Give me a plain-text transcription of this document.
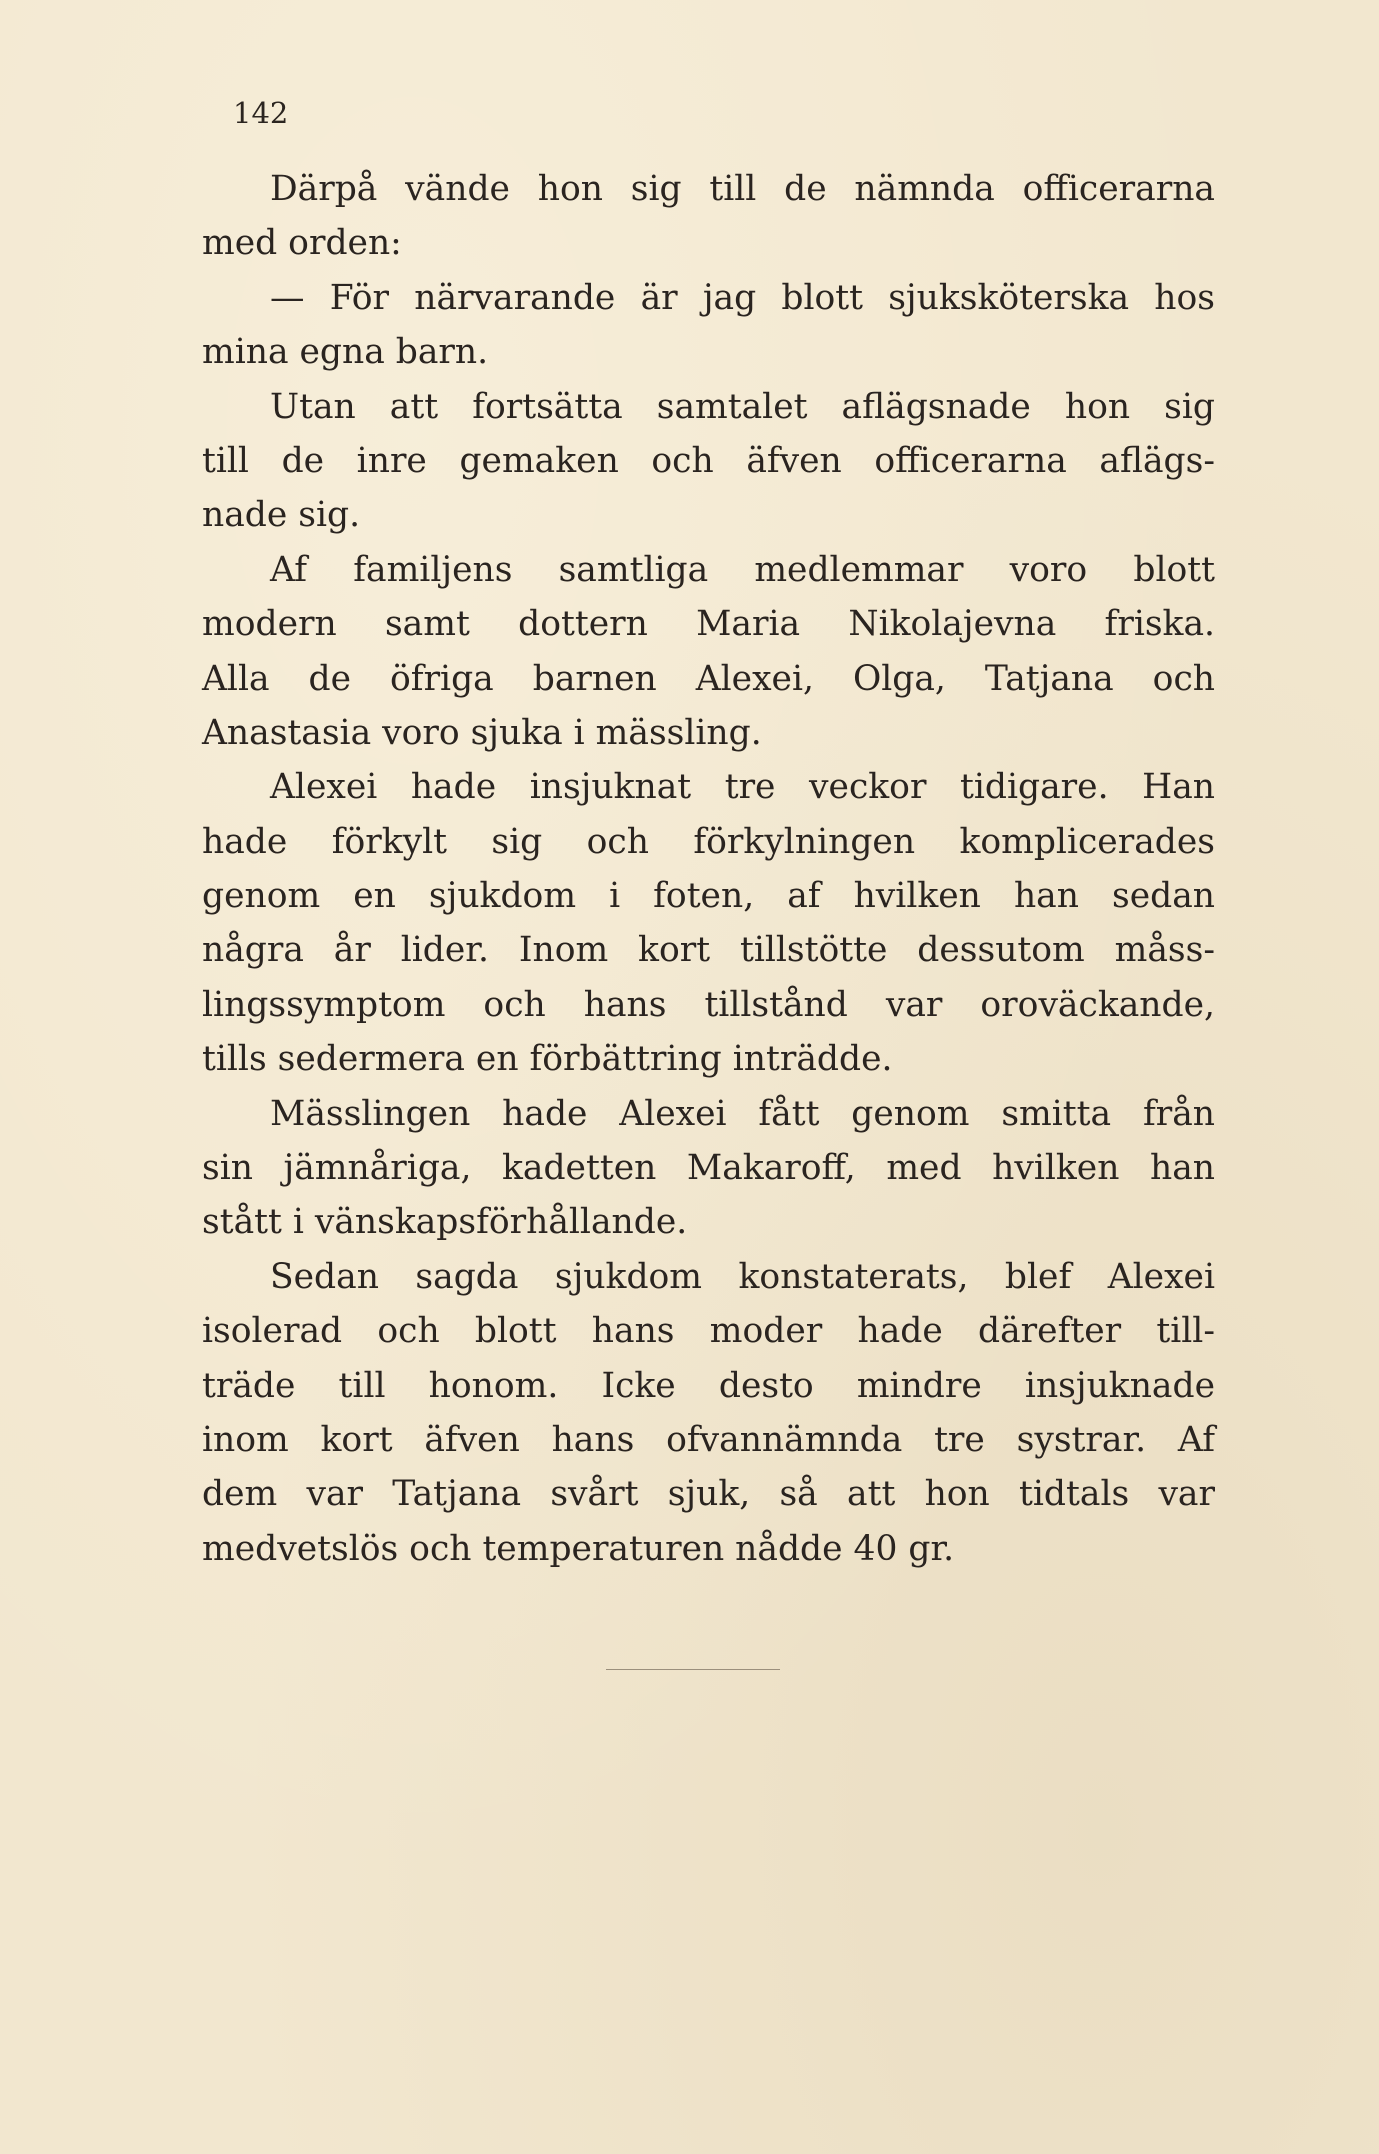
142
Därpå vände hon sig till de nämnda officerarna
med orden:
— För närvarande är jag blott sjuksköterska hos
mina egna barn.
Utan att fortsätta samtalet aflägsnade hon sig
till de inre gemaken och äfven officerarna aflägs-
nade sig.
Af familjens samtliga medlemmar voro blott
modern samt dottern Maria Nikolajevna friska.
Alla de öfriga barnen Alexei, Olga, Tatjana och
Anastasia voro sjuka i mässling.
Alexei hade insjuknat tre veckor tidigare. Han
hade förkylt sig och förkylningen komplicerades
genom en sjukdom i foten, af hvilken han sedan
några år lider. Inom kort tillstötte dessutom måss-
lingssymptom och hans tillstånd var oroväckande,
tills sedermera en förbättring inträdde.
Mässlingen hade Alexei fått genom smitta från
sin jämnåriga, kadetten Makaroff, med hvilken han
stått i vänskapsförhållande.
Sedan sagda sjukdom konstaterats, blef Alexei
isolerad och blott hans moder hade därefter till-
träde till honom. Icke desto mindre insjuknade
inom kort äfven hans ofvannämnda tre systrar. Af
dem var Tatjana svårt sjuk, så att hon tidtals var
medvetslös och temperaturen nådde 40 gr.
